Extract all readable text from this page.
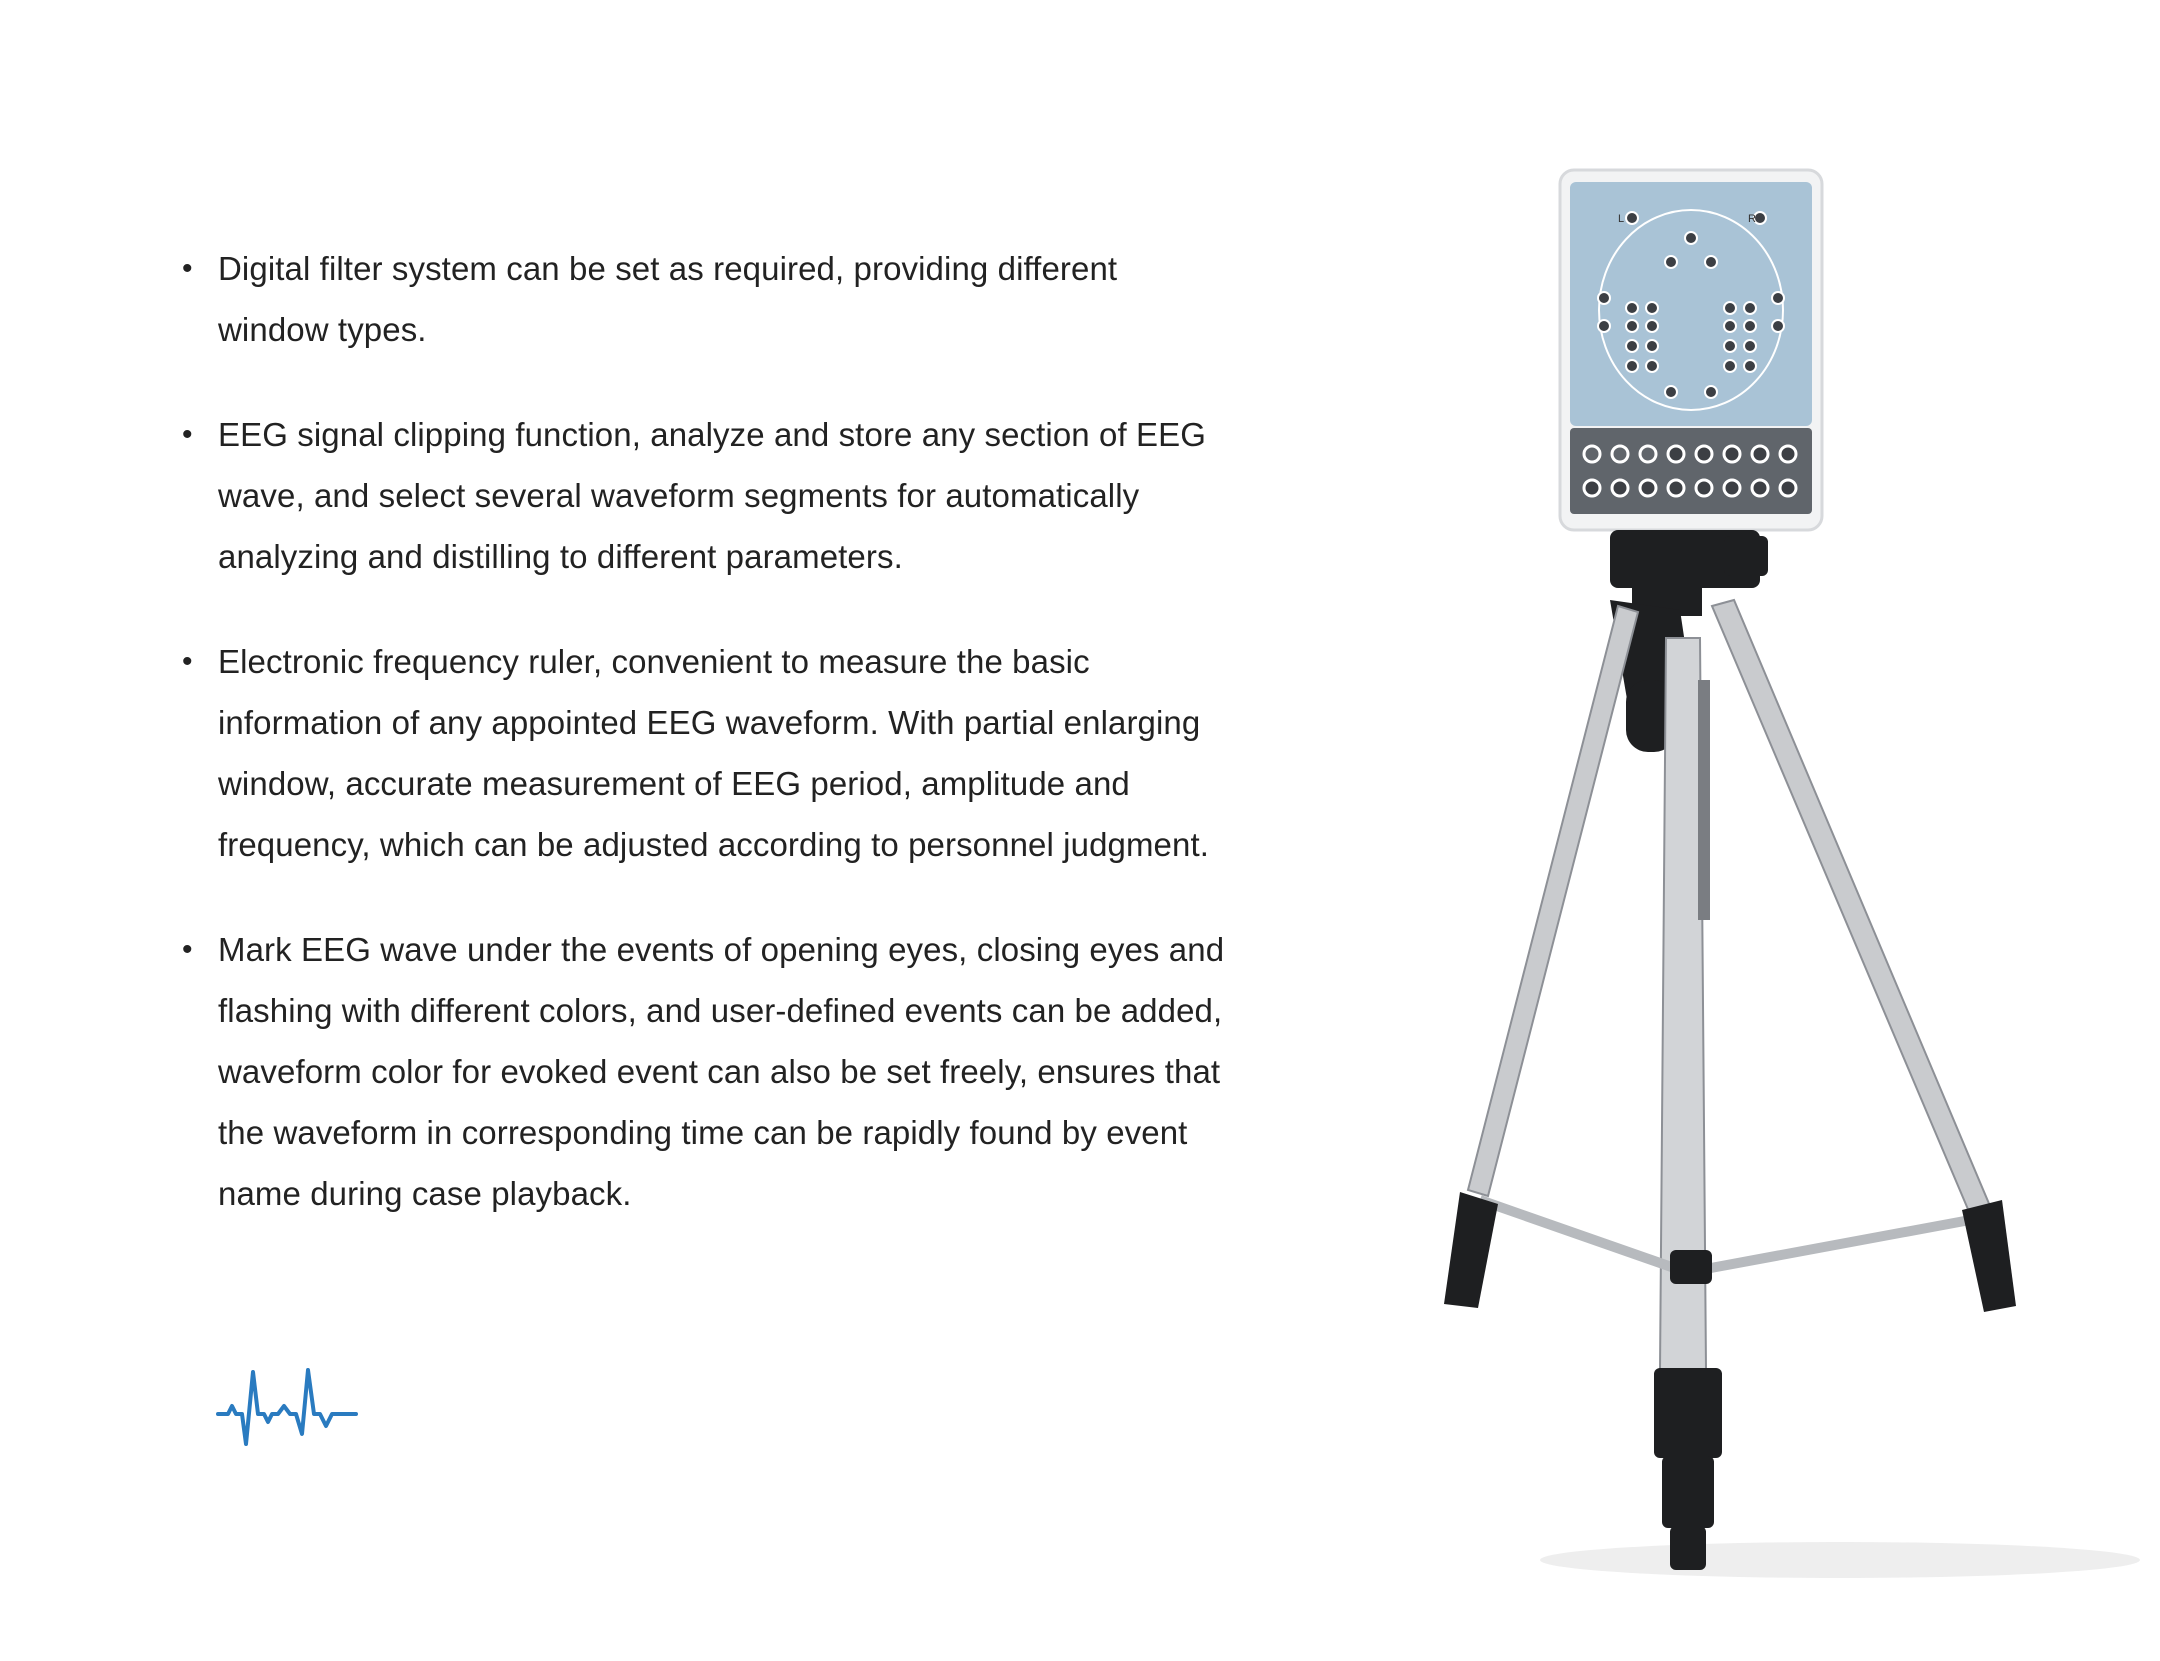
• Digital filter system can be set as required, providing different window types.
• EEG signal clipping function, analyze and store any section of EEG wave, and select several waveform segments for automatically analyzing and distilling to different parameters.
• Electronic frequency ruler, convenient to measure the basic information of any appointed EEG waveform. With partial enlarging window, accurate measurement of EEG period, amplitude and frequency, which can be adjusted according to personnel judgment.
• Mark EEG wave under the events of opening eyes, closing eyes and flashing with different colors, and user-defined events can be added, waveform color for evoked event can also be set freely, ensures that the waveform in corresponding time can be rapidly found by event name during case playback.
L	R
